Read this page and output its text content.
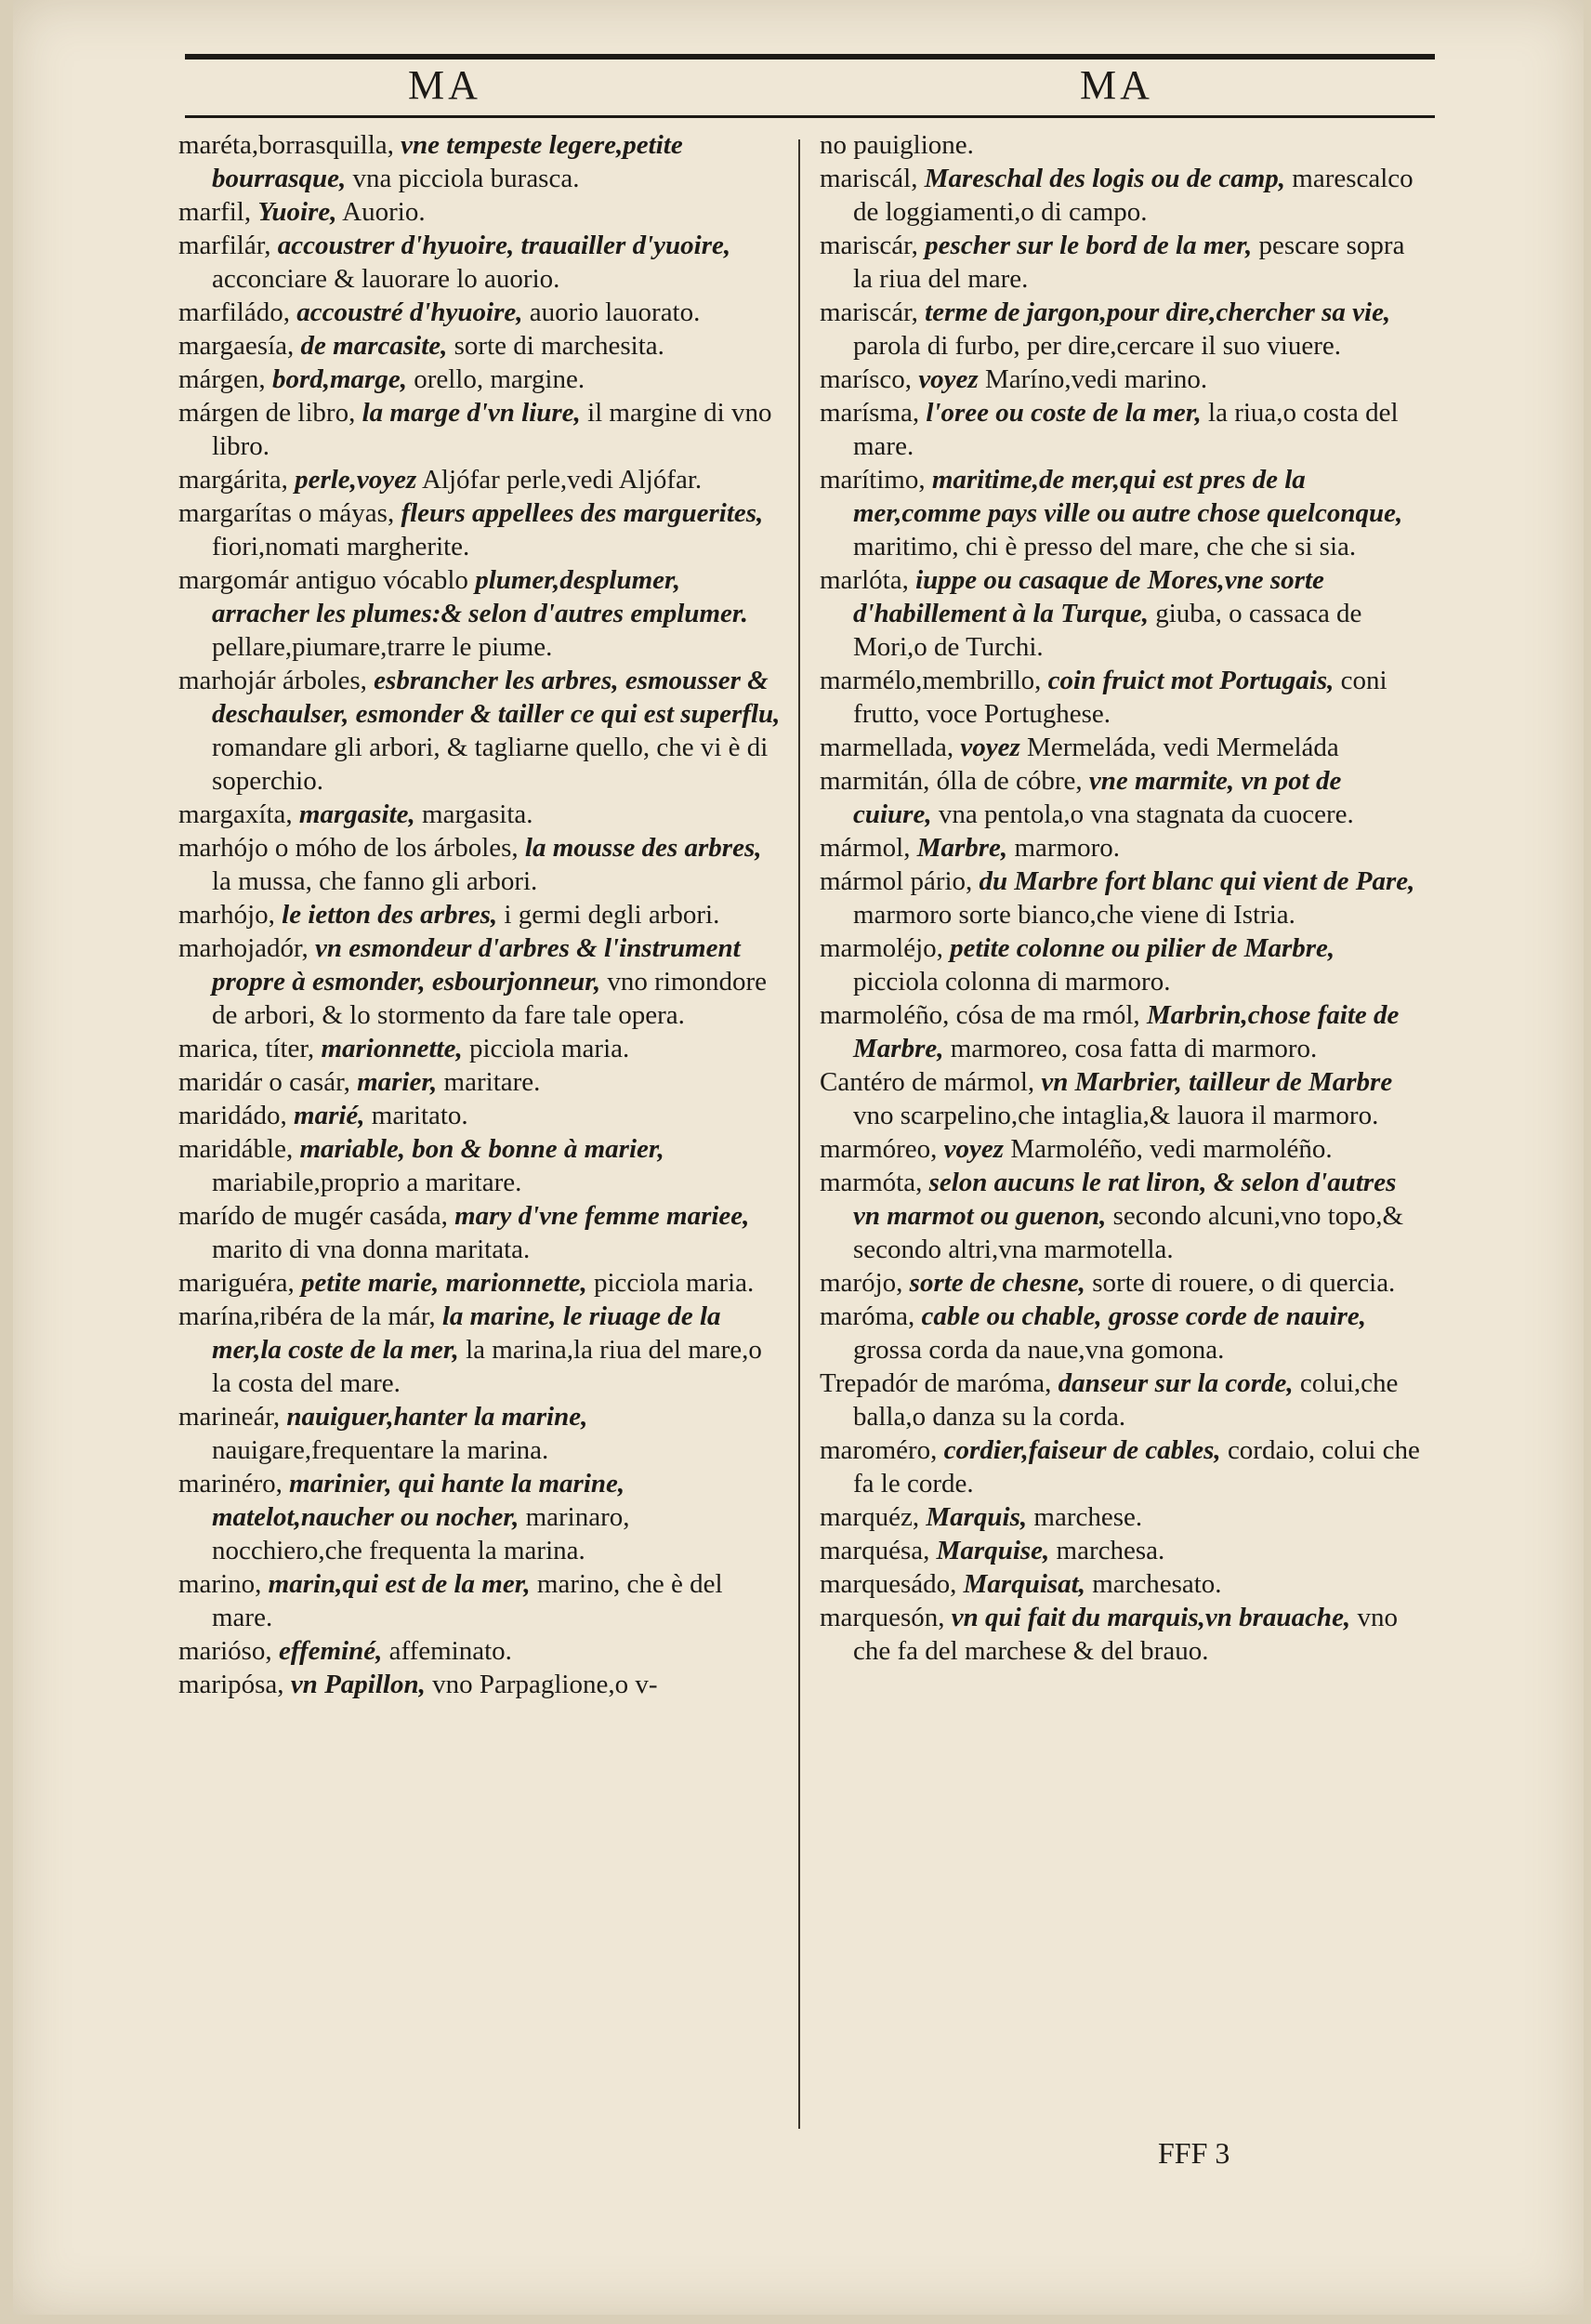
MA	MA

maréta,borrasquilla, vne tempeste legere,petite bourrasque, vna picciola burasca.

marfil, Yuoire, Auorio.

marfilár, accoustrer d'hyuoire, trauailler d'yuoire, acconciare & lauorare lo auorio.

marfiládo, accoustré d'hyuoire, auorio lauorato.

margaesía, de marcasite, sorte di marchesita.

márgen, bord,marge, orello, margine.

márgen de libro, la marge d'vn liure, il margine di vno libro.

margárita, perle,voyez Aljófar perle,vedi Aljófar.

margarítas o máyas, fleurs appellees des marguerites, fiori,nomati margherite.

margomár antiguo vócablo plumer,desplumer, arracher les plumes:& selon d'autres emplumer. pellare,piumare,trarre le piume.

marhojár árboles, esbrancher les arbres, esmousser & deschaulser, esmonder & tailler ce qui est superflu, romandare gli arbori, & tagliarne quello, che vi è di soperchio.

margaxíta, margasite, margasita.

marhójo o móho de los árboles, la mousse des arbres, la mussa, che fanno gli arbori.

marhójo, le ietton des arbres, i germi degli arbori.

marhojadór, vn esmondeur d'arbres & l'instrument propre à esmonder, esbourjonneur, vno rimondore de arbori, & lo stormento da fare tale opera.

marica, títer, marionnette, picciola maria.

maridár o casár, marier, maritare.

maridádo, marié, maritato.

maridáble, mariable, bon & bonne à marier, mariabile,proprio a maritare.

marído de mugér casáda, mary d'vne femme mariee, marito di vna donna maritata.

mariguéra, petite marie, marionnette, picciola maria.

marína,ribéra de la már, la marine, le riuage de la mer,la coste de la mer, la marina,la riua del mare,o la costa del mare.

marineár, nauiguer,hanter la marine, nauigare,frequentare la marina.

marinéro, marinier, qui hante la marine, matelot,naucher ou nocher, marinaro, nocchiero,che frequenta la marina.

marino, marin,qui est de la mer, marino, che è del mare.

marióso, effeminé, affeminato.

maripósa, vn Papillon, vno Parpaglione,o v-

no pauiglione.

mariscál, Mareschal des logis ou de camp, marescalco de loggiamenti,o di campo.

mariscár, pescher sur le bord de la mer, pescare sopra la riua del mare.

mariscár, terme de jargon,pour dire,chercher sa vie, parola di furbo, per dire,cercare il suo viuere.

marísco, voyez Maríno,vedi marino.

marísma, l'oree ou coste de la mer, la riua,o costa del mare.

marítimo, maritime,de mer,qui est pres de la mer,comme pays ville ou autre chose quelconque, maritimo, chi è presso del mare, che che si sia.

marlóta, iuppe ou casaque de Mores,vne sorte d'habillement à la Turque, giuba, o cassaca de Mori,o de Turchi.

marmélo,membrillo, coin fruict mot Portugais, coni frutto, voce Portughese.

marmellada, voyez Mermeláda, vedi Mermeláda

marmitán, ólla de cóbre, vne marmite, vn pot de cuiure, vna pentola,o vna stagnata da cuocere.

mármol, Marbre, marmoro.

mármol pário, du Marbre fort blanc qui vient de Pare, marmoro sorte bianco,che viene di Istria.

marmoléjo, petite colonne ou pilier de Marbre, picciola colonna di marmoro.

marmoléño, cósa de ma rmól, Marbrin,chose faite de Marbre, marmoreo, cosa fatta di marmoro.

Cantéro de mármol, vn Marbrier, tailleur de Marbre vno scarpelino,che intaglia,& lauora il marmoro.

marmóreo, voyez Marmoléño, vedi marmoléño.

marmóta, selon aucuns le rat liron, & selon d'autres vn marmot ou guenon, secondo alcuni,vno topo,& secondo altri,vna marmotella.

marójo, sorte de chesne, sorte di rouere, o di quercia.

maróma, cable ou chable, grosse corde de nauire, grossa corda da naue,vna gomona.

Trepadór de maróma, danseur sur la corde, colui,che balla,o danza su la corda.

maroméro, cordier,faiseur de cables, cordaio, colui che fa le corde.

marquéz, Marquis, marchese.

marquésa, Marquise, marchesa.

marquesádo, Marquisat, marchesato.

marquesón, vn qui fait du marquis,vn brauache, vno che fa del marchese & del brauo.

FFF 3
